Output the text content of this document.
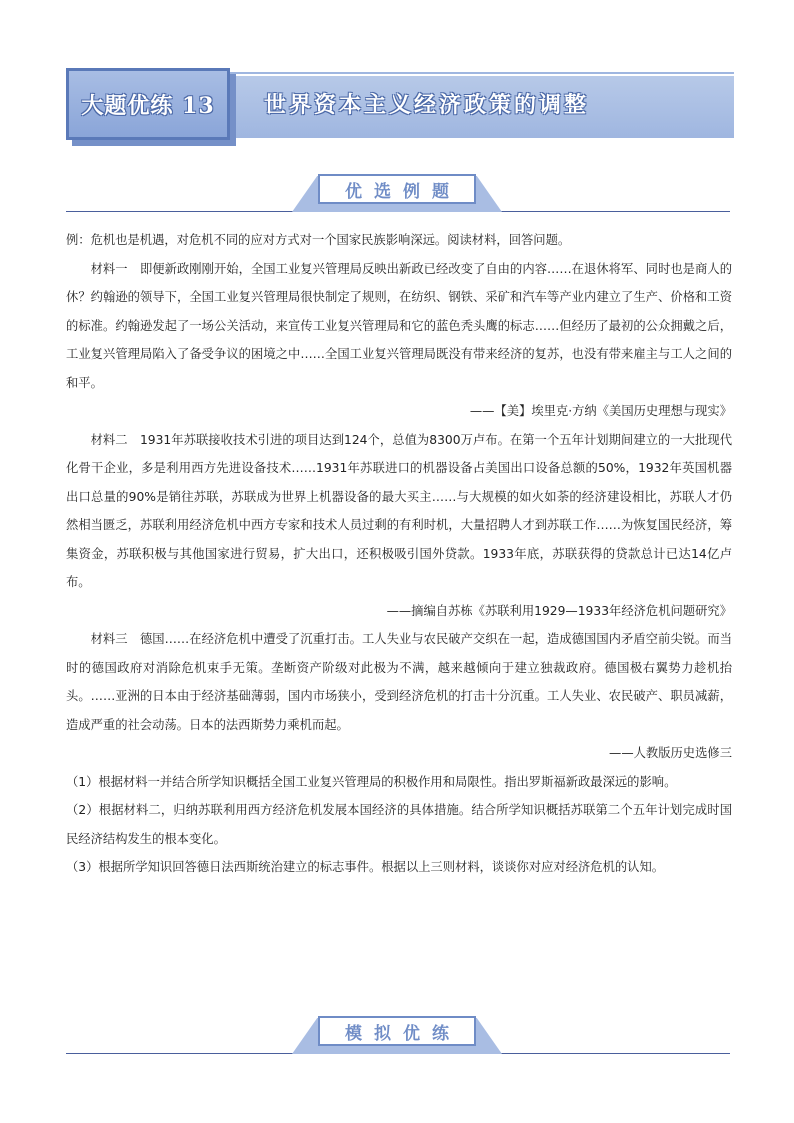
大题优练 13 世界资本主义经济政策的调整
优选例题

例：危机也是机遇，对危机不同的应对方式对一个国家民族影响深远。阅读材料，回答问题。

材料一　即便新政刚刚开始，全国工业复兴管理局反映出新政已经改变了自由的内容……在退休将军、同时也是商人的休？约翰逊的领导下，全国工业复兴管理局很快制定了规则，在纺织、钢铁、采矿和汽车等产业内建立了生产、价格和工资的标准。约翰逊发起了一场公关活动，来宣传工业复兴管理局和它的蓝色秃头鹰的标志……但经历了最初的公众拥戴之后，工业复兴管理局陷入了备受争议的困境之中……全国工业复兴管理局既没有带来经济的复苏，也没有带来雇主与工人之间的和平。

——【美】埃里克·方纳《美国历史理想与现实》

材料二　1931年苏联接收技术引进的项目达到124个，总值为8300万卢布。在第一个五年计划期间建立的一大批现代化骨干企业，多是利用西方先进设备技术……1931年苏联进口的机器设备占美国出口设备总额的50%，1932年英国机器出口总量的90%是销往苏联，苏联成为世界上机器设备的最大买主……与大规模的如火如荼的经济建设相比，苏联人才仍然相当匮乏，苏联利用经济危机中西方专家和技术人员过剩的有利时机，大量招聘人才到苏联工作……为恢复国民经济，筹集资金，苏联积极与其他国家进行贸易，扩大出口，还积极吸引国外贷款。1933年底，苏联获得的贷款总计已达14亿卢布。

——摘编自苏栋《苏联利用1929—1933年经济危机问题研究》

材料三　德国……在经济危机中遭受了沉重打击。工人失业与农民破产交织在一起，造成德国国内矛盾空前尖锐。而当时的德国政府对消除危机束手无策。垄断资产阶级对此极为不满，越来越倾向于建立独裁政府。德国极右翼势力趁机抬头。……亚洲的日本由于经济基础薄弱，国内市场狭小，受到经济危机的打击十分沉重。工人失业、农民破产、职员减薪，造成严重的社会动荡。日本的法西斯势力乘机而起。

——人教版历史选修三

（1）根据材料一并结合所学知识概括全国工业复兴管理局的积极作用和局限性。指出罗斯福新政最深远的影响。

（2）根据材料二，归纳苏联利用西方经济危机发展本国经济的具体措施。结合所学知识概括苏联第二个五年计划完成时国民经济结构发生的根本变化。

（3）根据所学知识回答德日法西斯统治建立的标志事件。根据以上三则材料，谈谈你对应对经济危机的认知。

模拟优练
